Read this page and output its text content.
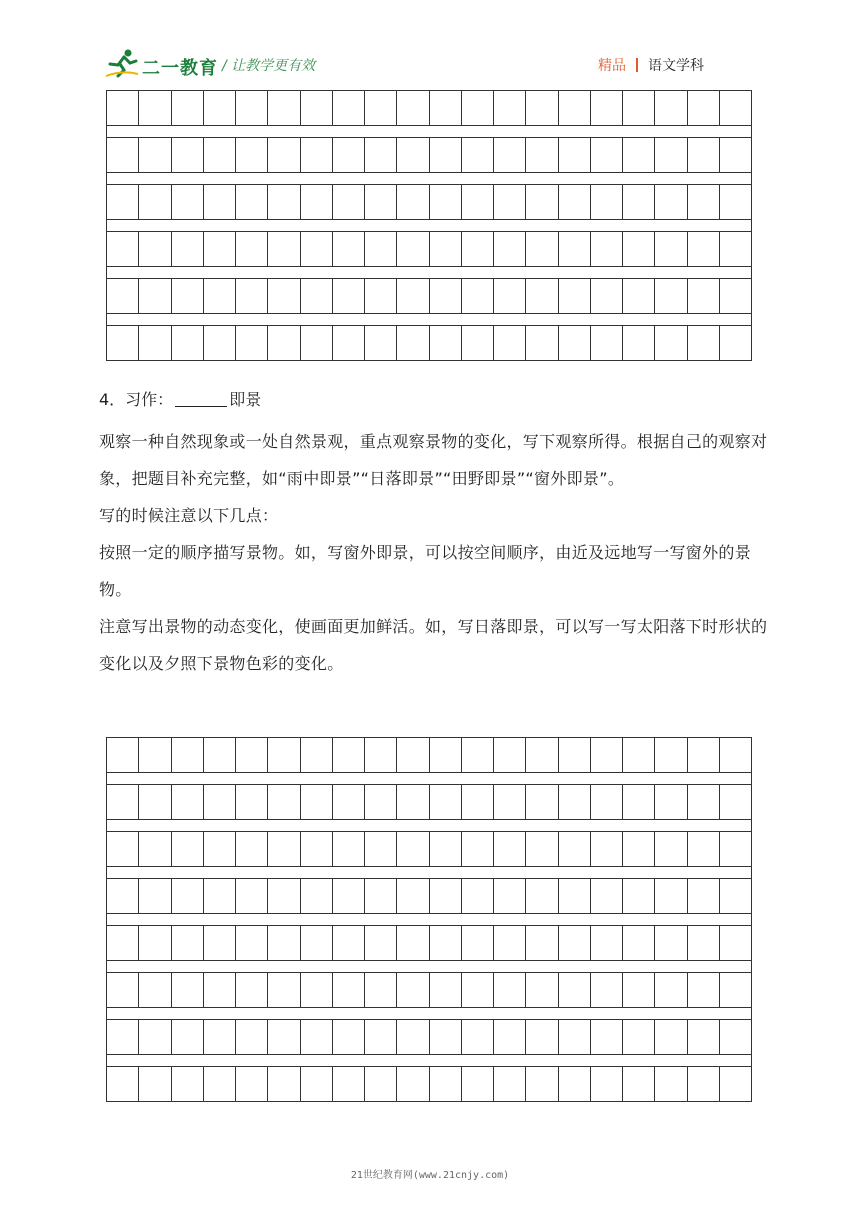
二一教育 / 让教学更有效	精品 语文学科
4．习作：	即景

观察一种自然现象或一处自然景观，重点观察景物的变化，写下观察所得。根据自己的观察对象，把题目补充完整，如“雨中即景”“日落即景”“田野即景”“窗外即景”。

写的时候注意以下几点：

按照一定的顺序描写景物。如，写窗外即景，可以按空间顺序，由近及远地写一写窗外的景物。

注意写出景物的动态变化，使画面更加鲜活。如，写日落即景，可以写一写太阳落下时形状的变化以及夕照下景物色彩的变化。

21世纪教育网(www.21cnjy.com)
